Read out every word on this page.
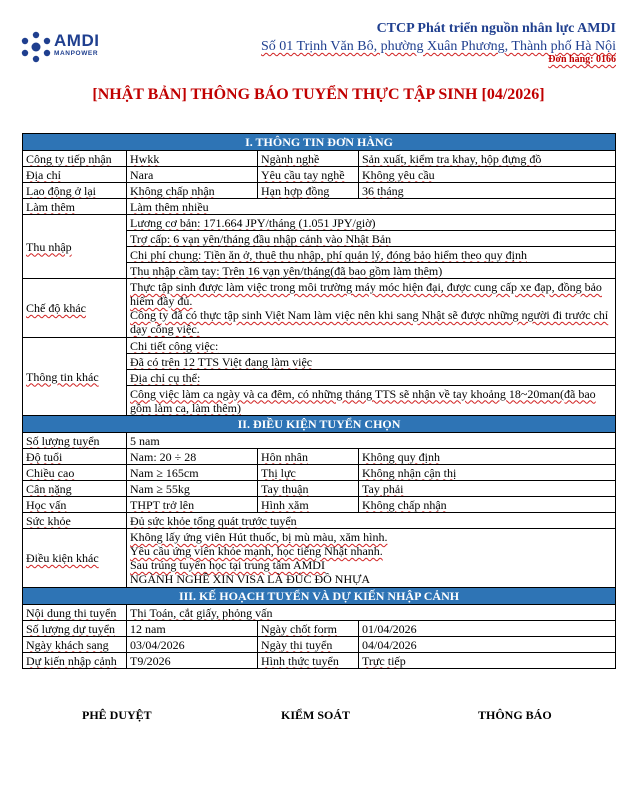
AMDI
MANPOWER
CTCP Phát triển nguồn nhân lực AMDI
Số 01 Trịnh Văn Bô, phường Xuân Phương, Thành phố Hà Nội
Đơn hàng: 0166
[NHẬT BẢN] THÔNG BÁO TUYỂN THỰC TẬP SINH [04/2026]
I. THÔNG TIN ĐƠN HÀNG			
Công ty tiếp nhận	Hwkk	Ngành nghề	Sản xuất, kiểm tra khay, hộp đựng đồ
Địa chỉ	Nara	Yêu cầu tay nghề	Không yêu cầu
Lao động ở lại	Không chấp nhận	Hạn hợp đồng	36 tháng
Làm thêm	Làm thêm nhiều		
Thu nhập	Lương cơ bản: 171.664 JPY/tháng (1.051 JPY/giờ)		
	Trợ cấp: 6 vạn yên/tháng đầu nhập cảnh vào Nhật Bản		
	Chi phí chung: Tiền ăn ở, thuê thu nhập, phí quản lý, đóng bảo hiểm theo quy định		
	Thu nhập cầm tay: Trên 16 vạn yên/tháng(đã bao gồm làm thêm)		
Chế độ khác	Thực tập sinh được làm việc trong môi trường máy móc hiện đại, được cung cấp xe đạp, đồng bảo hiểm đầy đủ.
Công ty đã có thực tập sinh Việt Nam làm việc nên khi sang Nhật sẽ được những người đi trước chỉ dạy công việc.		

Thông tin khác	Chi tiết công việc:		
	Đã có trên 12 TTS Việt đang làm việc		
	Địa chỉ cụ thể:		
	Công việc làm ca ngày và ca đêm, có những tháng TTS sẽ nhận về tay khoảng 18~20man(đã bao gồm làm ca, làm thêm)		
II. ĐIỀU KIỆN TUYỂN CHỌN			
Số lượng tuyển	5 nam		
Độ tuổi	Nam: 20 ÷ 28	Hôn nhân	Không quy định
Chiều cao	Nam ≥ 165cm	Thị lực	Không nhận cận thị
Cân nặng	Nam ≥ 55kg	Tay thuận	Tay phải
Học vấn	THPT trở lên	Hình xăm	Không chấp nhận
Sức khỏe	Đủ sức khỏe tổng quát trước tuyển		
Điều kiện khác	Không lấy ứng viên Hút thuốc, bị mù màu, xăm hình.
Yêu cầu ứng viên khỏe mạnh, học tiếng Nhật nhanh.
Sau trúng tuyển học tại trung tâm AMDI
NGÀNH NGHỀ XIN VISA LÀ ĐÚC ĐỒ NHỰA		

III. KẾ HOẠCH TUYỂN VÀ DỰ KIẾN NHẬP CẢNH			
Nội dung thi tuyển	Thi Toán, cắt giấy, phỏng vấn		
Số lượng dự tuyển	12 nam	Ngày chốt form	01/04/2026
Ngày khách sang	03/04/2026	Ngày thi tuyển	04/04/2026
Dự kiến nhập cảnh	T9/2026	Hình thức tuyển	Trực tiếp
PHÊ DUYỆT	KIỂM SOÁT	THÔNG BÁO
